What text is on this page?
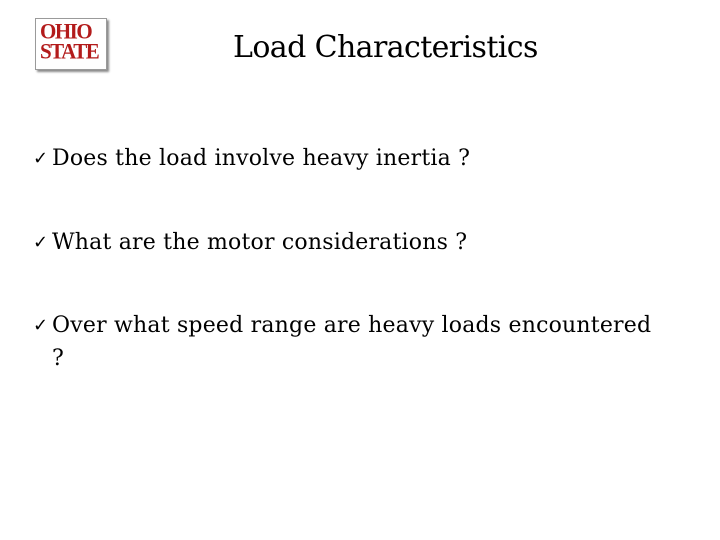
OHIO
STATE	Load Characteristics
✓ Does the load involve heavy inertia ?
✓ What are the motor considerations ?
✓ Over what speed range are heavy loads encountered ?
